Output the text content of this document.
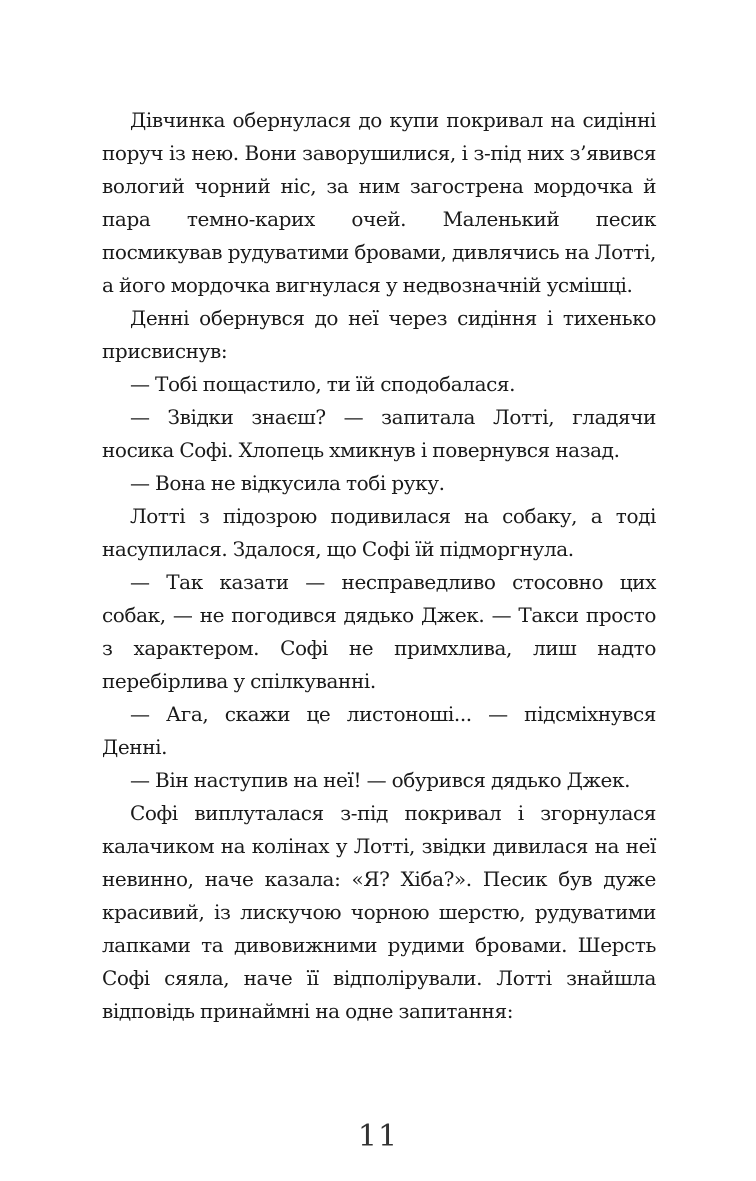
Дівчинка обернулася до купи покривал на сидінні поруч із нею. Вони заворушилися, і з-під них з’явився вологий чорний ніс, за ним загострена мордочка й пара темно-карих очей. Маленький песик посмикував рудуватими бровами, дивлячись на Лотті, а його мордочка вигнулася у недвозначній усмішці.

Денні обернувся до неї через сидіння і тихенько присвиснув:

— Тобі пощастило, ти їй сподобалася.

— Звідки знаєш? — запитала Лотті, гладячи носика Софі. Хлопець хмикнув і повернувся назад.

— Вона не відкусила тобі руку.

Лотті з підозрою подивилася на собаку, а тоді насупилася. Здалося, що Софі їй підморгнула.

— Так казати — несправедливо стосовно цих собак, — не погодився дядько Джек. — Такси просто з характером. Софі не примхлива, лиш надто перебірлива у спілкуванні.

— Ага, скажи це листоноші... — підсміхнувся Денні.

— Він наступив на неї! — обурився дядько Джек.

Софі виплуталася з-під покривал і згорнулася калачиком на колінах у Лотті, звідки дивилася на неї невинно, наче казала: «Я? Хіба?». Песик був дуже красивий, із лискучою чорною шерстю, рудуватими лапками та дивовижними рудими бровами. Шерсть Софі сяяла, наче її відполірували. Лотті знайшла відповідь принаймні на одне запитання:

11
